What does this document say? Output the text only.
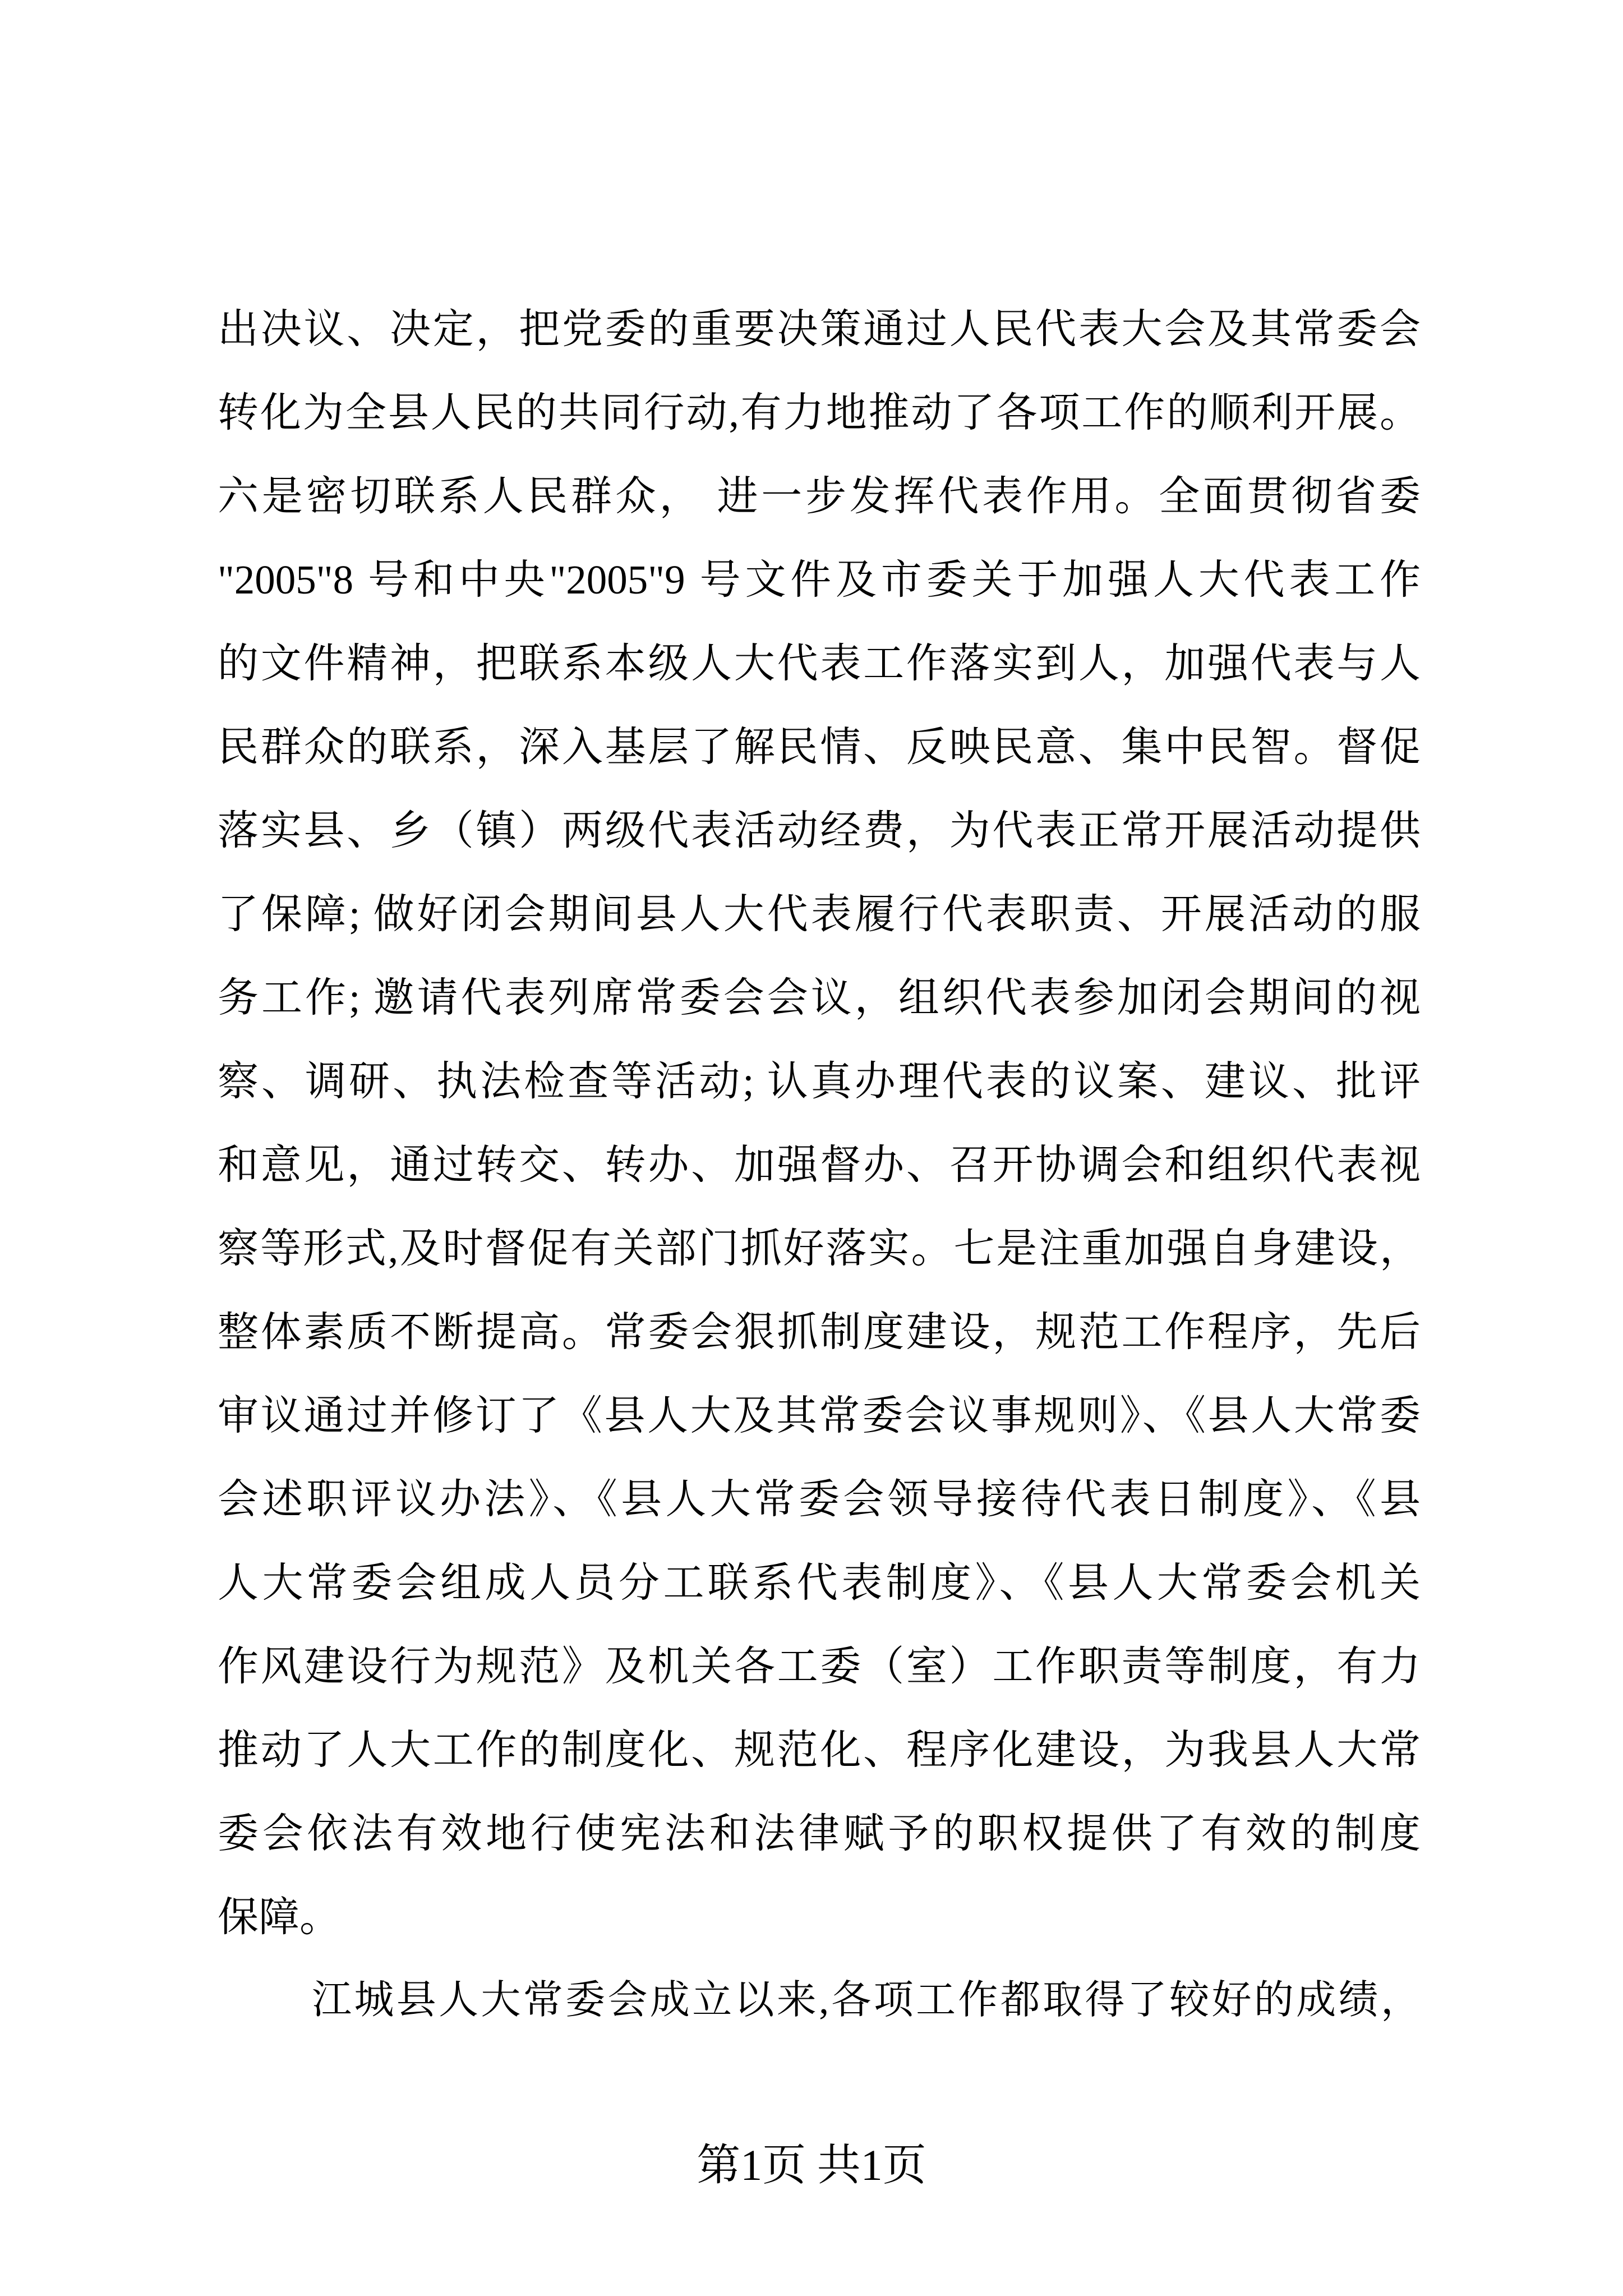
出决议、决定，把党委的重要决策通过人民代表大会及其常委会
转化为全县人民的共同行动,有力地推动了各项工作的顺利开展。
六是密切联系人民群众， 进一步发挥代表作用。全面贯彻省委
"2005"8 号和中央"2005"9 号文件及市委关于加强人大代表工作
的文件精神，把联系本级人大代表工作落实到人，加强代表与人
民群众的联系，深入基层了解民情、反映民意、集中民智。督促
落实县、乡（镇）两级代表活动经费，为代表正常开展活动提供
了保障; 做好闭会期间县人大代表履行代表职责、开展活动的服
务工作; 邀请代表列席常委会会议，组织代表参加闭会期间的视
察、调研、执法检查等活动; 认真办理代表的议案、建议、批评
和意见，通过转交、转办、加强督办、召开协调会和组织代表视
察等形式,及时督促有关部门抓好落实。七是注重加强自身建设，
整体素质不断提高。常委会狠抓制度建设，规范工作程序，先后
审议通过并修订了《县人大及其常委会议事规则》、《县人大常委
会述职评议办法》、《县人大常委会领导接待代表日制度》、《县
人大常委会组成人员分工联系代表制度》、《县人大常委会机关
作风建设行为规范》及机关各工委（室）工作职责等制度，有力
推动了人大工作的制度化、规范化、程序化建设，为我县人大常
委会依法有效地行使宪法和法律赋予的职权提供了有效的制度
保障。
江城县人大常委会成立以来,各项工作都取得了较好的成绩，
第1页 共1页
